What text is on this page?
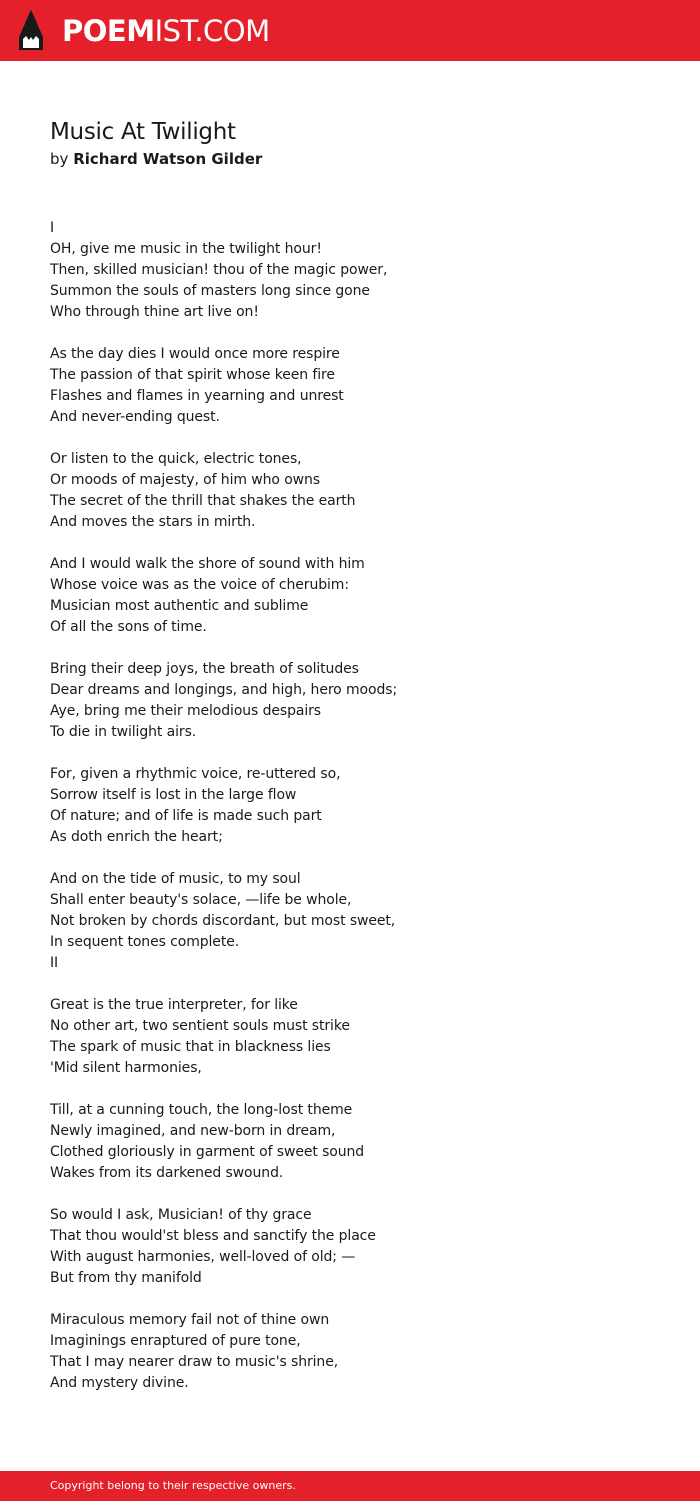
POEMIST.COM
Music At Twilight
by Richard Watson Gilder
I
OH, give me music in the twilight hour!
Then, skilled musician! thou of the magic power,
Summon the souls of masters long since gone
Who through thine art live on!
As the day dies I would once more respire
The passion of that spirit whose keen fire
Flashes and flames in yearning and unrest
And never-ending quest.
Or listen to the quick, electric tones,
Or moods of majesty, of him who owns
The secret of the thrill that shakes the earth
And moves the stars in mirth.
And I would walk the shore of sound with him
Whose voice was as the voice of cherubim:
Musician most authentic and sublime
Of all the sons of time.
Bring their deep joys, the breath of solitudes
Dear dreams and longings, and high, hero moods;
Aye, bring me their melodious despairs
To die in twilight airs.
For, given a rhythmic voice, re-uttered so,
Sorrow itself is lost in the large flow
Of nature; and of life is made such part
As doth enrich the heart;
And on the tide of music, to my soul
Shall enter beauty's solace, —life be whole,
Not broken by chords discordant, but most sweet,
In sequent tones complete.
II
Great is the true interpreter, for like
No other art, two sentient souls must strike
The spark of music that in blackness lies
'Mid silent harmonies,
Till, at a cunning touch, the long-lost theme
Newly imagined, and new-born in dream,
Clothed gloriously in garment of sweet sound
Wakes from its darkened swound.
So would I ask, Musician! of thy grace
That thou would'st bless and sanctify the place
With august harmonies, well-loved of old; —
But from thy manifold
Miraculous memory fail not of thine own
Imaginings enraptured of pure tone,
That I may nearer draw to music's shrine,
And mystery divine.
Copyright belong to their respective owners.
